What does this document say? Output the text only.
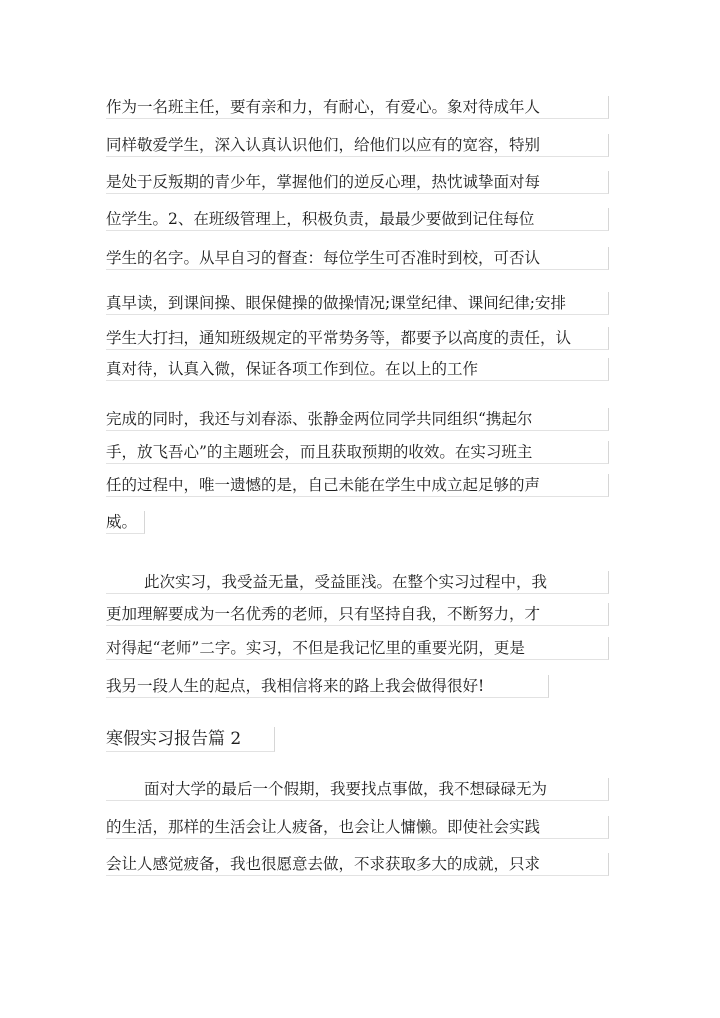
作为一名班主任，要有亲和力，有耐心，有爱心。象对待成年人
同样敬爱学生，深入认真认识他们，给他们以应有的宽容，特别
是处于反叛期的青少年，掌握他们的逆反心理，热忱诚挚面对每
位学生。2、在班级管理上，积极负责，最最少要做到记住每位
学生的名字。从早自习的督查：每位学生可否准时到校，可否认
真早读，到课间操、眼保健操的做操情况;课堂纪律、课间纪律;安排
学生大打扫，通知班级规定的平常势务等，都要予以高度的责任，认
真对待，认真入微，保证各项工作到位。在以上的工作
完成的同时，我还与刘春添、张静金两位同学共同组织“携起尔
手，放飞吾心”的主题班会，而且获取预期的收效。在实习班主
任的过程中，唯一遗憾的是，自己未能在学生中成立起足够的声
威。
此次实习，我受益无量，受益匪浅。在整个实习过程中，我
更加理解要成为一名优秀的老师，只有坚持自我，不断努力，才
对得起“老师”二字。实习，不但是我记忆里的重要光阴，更是
我另一段人生的起点，我相信将来的路上我会做得很好!
寒假实习报告篇 2
面对大学的最后一个假期，我要找点事做，我不想碌碌无为
的生活，那样的生活会让人疲备，也会让人慵懒。即使社会实践
会让人感觉疲备，我也很愿意去做，不求获取多大的成就，只求
